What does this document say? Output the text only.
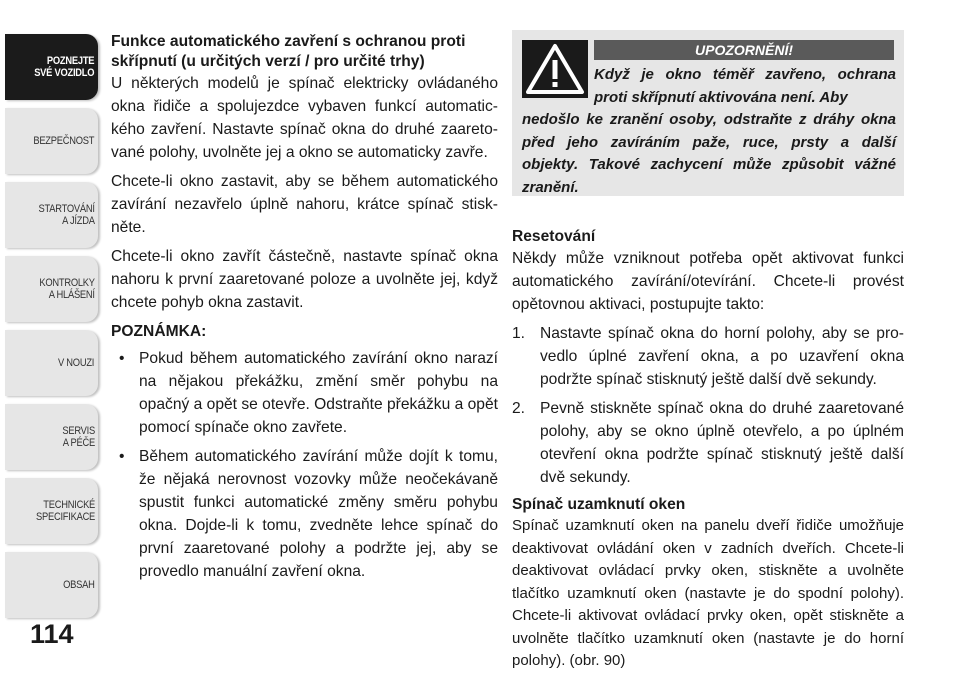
POZNEJTE
SVÉ VOZIDLO
BEZPEČNOST
STARTOVÁNÍ
A JÍZDA
KONTROLKY
A HLÁŠENÍ
V NOUZI
SERVIS
A PÉČE
TECHNICKÉ
SPECIFIKACE
OBSAH
114
Funkce automatického zavření s ochranou proti skřípnutí (u určitých verzí / pro určité trhy)

U některých modelů je spínač elektricky ovládaného okna řidiče a spolujezdce vybaven funkcí automatic-kého zavření. Nastavte spínač okna do druhé zaareto-vané polohy, uvolněte jej a okno se automaticky zavře.

Chcete-li okno zastavit, aby se během automatického zavírání nezavřelo úplně nahoru, krátce spínač stisk-něte.

Chcete-li okno zavřít částečně, nastavte spínač okna nahoru k první zaaretované poloze a uvolněte jej, když chcete pohyb okna zastavit.

POZNÁMKA:
• Pokud během automatického zavírání okno narazí na nějakou překážku, změní směr pohybu na opačný a opět se otevře. Odstraňte překážku a opět pomocí spínače okno zavřete.
• Během automatického zavírání může dojít k tomu, že nějaká nerovnost vozovky může neočekávaně spustit funkci automatické změny směru pohybu okna. Dojde-li k tomu, zvedněte lehce spínač do první zaaretované polohy a podržte jej, aby se provedlo manuální zavření okna.
UPOZORNĚNÍ!
Když je okno téměř zavřeno, ochrana proti skřípnutí aktivována není. Aby
nedošlo ke zranění osoby, odstraňte z dráhy okna před jeho zavíráním paže, ruce, prsty a další objekty. Takové zachycení může způsobit vážné zranění.
Resetování

Někdy může vzniknout potřeba opět aktivovat funkci automatického zavírání/otevírání. Chcete-li provést opětovnou aktivaci, postupujte takto:

1. Nastavte spínač okna do horní polohy, aby se pro-vedlo úplné zavření okna, a po uzavření okna podržte spínač stisknutý ještě další dvě sekundy.
2. Pevně stiskněte spínač okna do druhé zaaretované polohy, aby se okno úplně otevřelo, a po úplném otevření okna podržte spínač stisknutý ještě další dvě sekundy.
Spínač uzamknutí oken

Spínač uzamknutí oken na panelu dveří řidiče umožňuje deaktivovat ovládání oken v zadních dveřích. Chcete-li deaktivovat ovládací prvky oken, stiskněte a uvolněte tlačítko uzamknutí oken (nastavte je do spodní polohy). Chcete-li aktivovat ovládací prvky oken, opět stiskněte a uvolněte tlačítko uzamknutí oken (nastavte je do horní polohy). (obr. 90)
